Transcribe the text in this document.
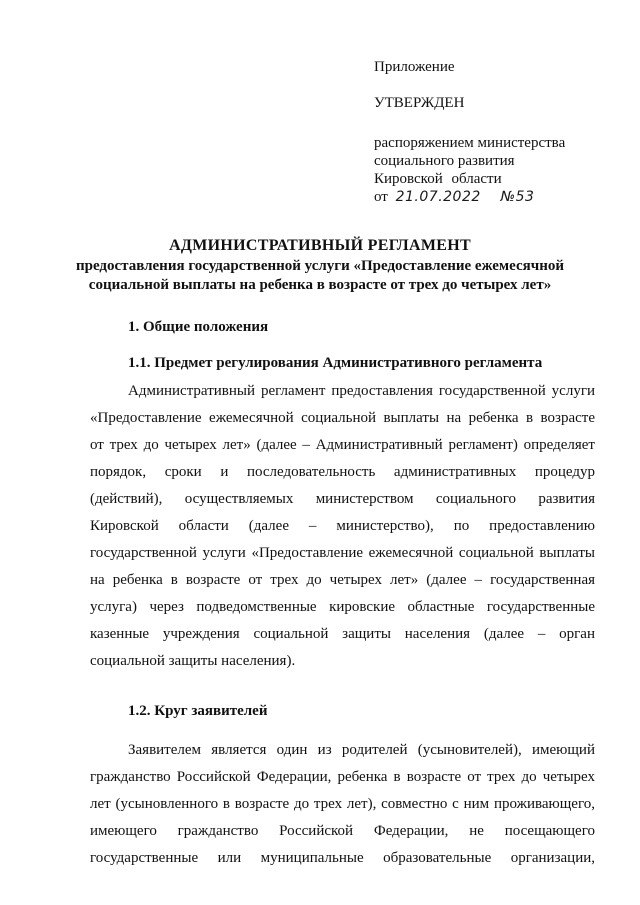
Приложение
УТВЕРЖДЕН
распоряжением министерства
социального развития
Кировской области
от 21.07.2022 №53
АДМИНИСТРАТИВНЫЙ РЕГЛАМЕНТ
предоставления государственной услуги «Предоставление ежемесячной
социальной выплаты на ребенка в возрасте от трех до четырех лет»
1. Общие положения
1.1. Предмет регулирования Административного регламента
Административный регламент предоставления государственной услуги
«Предоставление ежемесячной социальной выплаты на ребенка в возрасте
от трех до четырех лет» (далее – Административный регламент) определяет
порядок, сроки и последовательность административных процедур
(действий), осуществляемых министерством социального развития
Кировской области (далее – министерство), по предоставлению
государственной услуги «Предоставление ежемесячной социальной выплаты
на ребенка в возрасте от трех до четырех лет» (далее – государственная
услуга) через подведомственные кировские областные государственные
казенные учреждения социальной защиты населения (далее – орган
социальной защиты населения).
1.2. Круг заявителей
Заявителем является один из родителей (усыновителей), имеющий
гражданство Российской Федерации, ребенка в возрасте от трех до четырех
лет (усыновленного в возрасте до трех лет), совместно с ним проживающего,
имеющего гражданство Российской Федерации, не посещающего
государственные или муниципальные образовательные организации,
